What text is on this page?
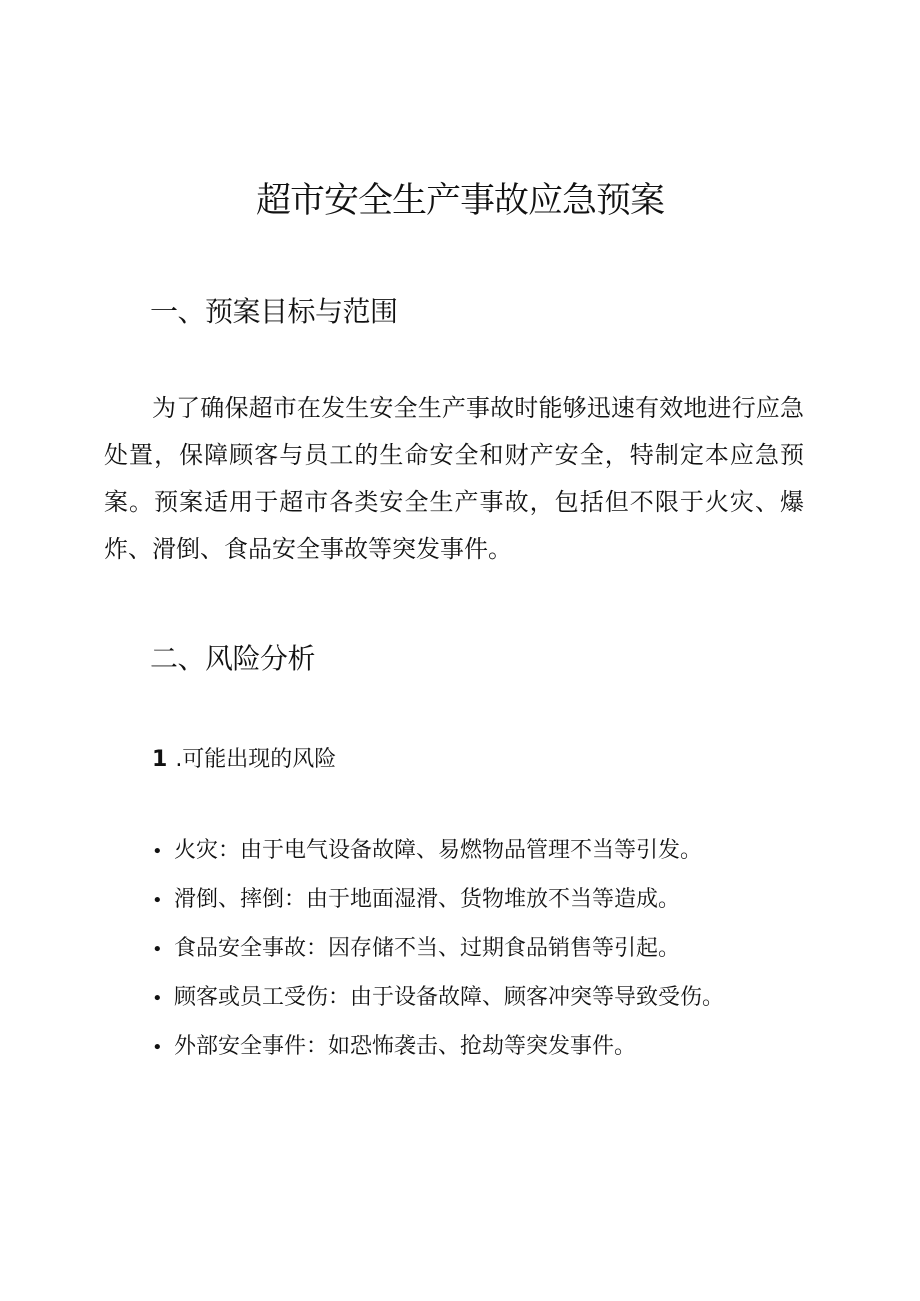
超市安全生产事故应急预案
一、预案目标与范围

为了确保超市在发生安全生产事故时能够迅速有效地进行应急处置，保障顾客与员工的生命安全和财产安全，特制定本应急预案。预案适用于超市各类安全生产事故，包括但不限于火灾、爆炸、滑倒、食品安全事故等突发事件。

二、风险分析

1 .可能出现的风险

• 火灾：由于电气设备故障、易燃物品管理不当等引发。
• 滑倒、摔倒：由于地面湿滑、货物堆放不当等造成。
• 食品安全事故：因存储不当、过期食品销售等引起。
• 顾客或员工受伤：由于设备故障、顾客冲突等导致受伤。
• 外部安全事件：如恐怖袭击、抢劫等突发事件。
